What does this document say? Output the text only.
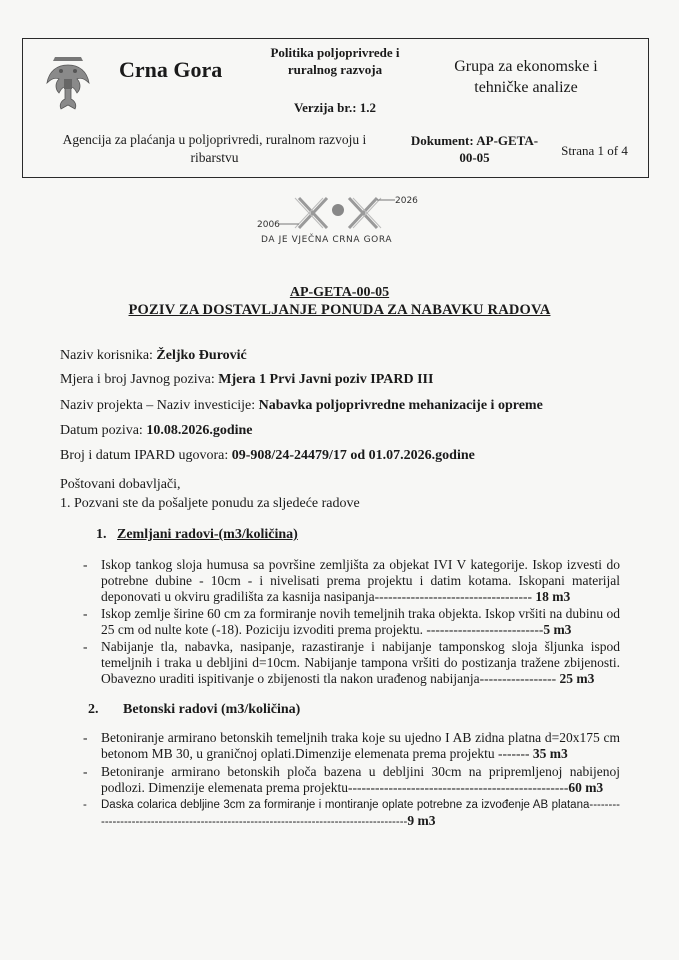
Crna Gora
Politika poljoprivrede i
ruralnog razvoja
Verzija br.: 1.2
Grupa za ekonomske i
tehničke analize
Agencija za plaćanja u poljoprivredi, ruralnom razvoju i
ribarstvu
Dokument: AP-GETA-
00-05	Strana 1 of 4
2006
2026
DA JE VJEČNA CRNA GORA
AP-GETA-00-05
POZIV ZA DOSTAVLJANJE PONUDA ZA NABAVKU RADOVA
Naziv korisnika: Željko Đurović
Mjera i broj Javnog poziva: Mjera 1 Prvi Javni poziv IPARD III
Naziv projekta – Naziv investicije: Nabavka poljoprivredne mehanizacije i opreme
Datum poziva: 10.08.2026.godine
Broj i datum IPARD ugovora: 09-908/24-24479/17 od 01.07.2026.godine
Poštovani dobavljači,
1. Pozvani ste da pošaljete ponudu za sljedeće radove
1. Zemljani radovi-(m3/količina)
- Iskop tankog sloja humusa sa površine zemljišta za objekat IVI V kategorije. Iskop izvesti do potrebne dubine - 10cm - i nivelisati prema projektu i datim kotama. Iskopani materijal deponovati u okviru gradilišta za kasnija nasipanja----------------------------------- 18 m3
- Iskop zemlje širine 60 cm za formiranje novih temeljnih traka objekta. Iskop vršiti na dubinu od 25 cm od nulte kote (-18). Poziciju izvoditi prema projektu. --------------------------5 m3
- Nabijanje tla, nabavka, nasipanje, razastiranje i nabijanje tamponskog sloja šljunka ispod temeljnih i traka u debljini d=10cm. Nabijanje tampona vršiti do postizanja tražene zbijenosti. Obavezno uraditi ispitivanje o zbijenosti tla nakon urađenog nabijanja----------------- 25 m3
2. Betonski radovi (m3/količina)
- Betoniranje armirano betonskih temeljnih traka koje su ujedno I AB zidna platna d=20x175 cm betonom MB 30, u graničnoj oplati.Dimenzije elemenata prema projektu ------- 35 m3
- Betoniranje armirano betonskih ploča bazena u debljini 30cm na pripremljenoj nabijenoj podlozi. Dimenzije elemenata prema projektu-------------------------------------------------60 m3
- Daska colarica debljine 3cm za formiranje i montiranje oplate potrebne za izvođenje AB platana----------------------------------------------------------------------------------------9 m3
